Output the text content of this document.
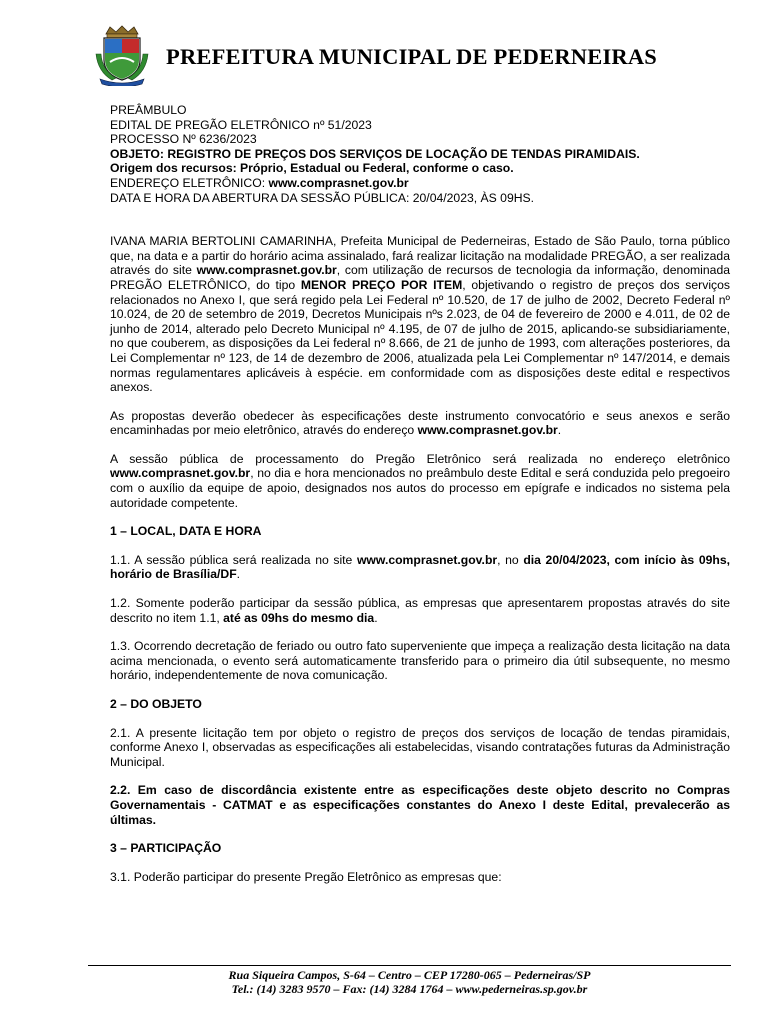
PREFEITURA MUNICIPAL DE PEDERNEIRAS

PREÂMBULO

EDITAL DE PREGÃO ELETRÔNICO nº 51/2023

PROCESSO Nº 6236/2023

OBJETO: REGISTRO DE PREÇOS DOS SERVIÇOS DE LOCAÇÃO DE TENDAS PIRAMIDAIS.

Origem dos recursos: Próprio, Estadual ou Federal, conforme o caso.

ENDEREÇO ELETRÔNICO: www.comprasnet.gov.br

DATA E HORA DA ABERTURA DA SESSÃO PÚBLICA: 20/04/2023, ÀS 09HS.

IVANA MARIA BERTOLINI CAMARINHA, Prefeita Municipal de Pederneiras, Estado de São Paulo, torna público que, na data e a partir do horário acima assinalado, fará realizar licitação na modalidade PREGÃO, a ser realizada através do site www.comprasnet.gov.br, com utilização de recursos de tecnologia da informação, denominada PREGÃO ELETRÔNICO, do tipo MENOR PREÇO POR ITEM, objetivando o registro de preços dos serviços relacionados no Anexo I, que será regido pela Lei Federal nº 10.520, de 17 de julho de 2002, Decreto Federal nº 10.024, de 20 de setembro de 2019, Decretos Municipais nºs 2.023, de 04 de fevereiro de 2000 e 4.011, de 02 de junho de 2014, alterado pelo Decreto Municipal nº 4.195, de 07 de julho de 2015, aplicando-se subsidiariamente, no que couberem, as disposições da Lei federal nº 8.666, de 21 de junho de 1993, com alterações posteriores, da Lei Complementar nº 123, de 14 de dezembro de 2006, atualizada pela Lei Complementar nº 147/2014, e demais normas regulamentares aplicáveis à espécie. em conformidade com as disposições deste edital e respectivos anexos.

As propostas deverão obedecer às especificações deste instrumento convocatório e seus anexos e serão encaminhadas por meio eletrônico, através do endereço www.comprasnet.gov.br.

A sessão pública de processamento do Pregão Eletrônico será realizada no endereço eletrônico www.comprasnet.gov.br, no dia e hora mencionados no preâmbulo deste Edital e será conduzida pelo pregoeiro com o auxílio da equipe de apoio, designados nos autos do processo em epígrafe e indicados no sistema pela autoridade competente.

1 – LOCAL, DATA E HORA

1.1. A sessão pública será realizada no site www.comprasnet.gov.br, no dia 20/04/2023, com início às 09hs, horário de Brasília/DF.

1.2. Somente poderão participar da sessão pública, as empresas que apresentarem propostas através do site descrito no item 1.1, até as 09hs do mesmo dia.

1.3. Ocorrendo decretação de feriado ou outro fato superveniente que impeça a realização desta licitação na data acima mencionada, o evento será automaticamente transferido para o primeiro dia útil subsequente, no mesmo horário, independentemente de nova comunicação.

2 – DO OBJETO

2.1. A presente licitação tem por objeto o registro de preços dos serviços de locação de tendas piramidais, conforme Anexo I, observadas as especificações ali estabelecidas, visando contratações futuras da Administração Municipal.

2.2. Em caso de discordância existente entre as especificações deste objeto descrito no Compras Governamentais - CATMAT e as especificações constantes do Anexo I deste Edital, prevalecerão as últimas.

3 – PARTICIPAÇÃO

3.1. Poderão participar do presente Pregão Eletrônico as empresas que:

Rua Siqueira Campos, S-64 – Centro – CEP 17280-065 – Pederneiras/SP
Tel.: (14) 3283 9570 – Fax: (14) 3284 1764 – www.pederneiras.sp.gov.br
